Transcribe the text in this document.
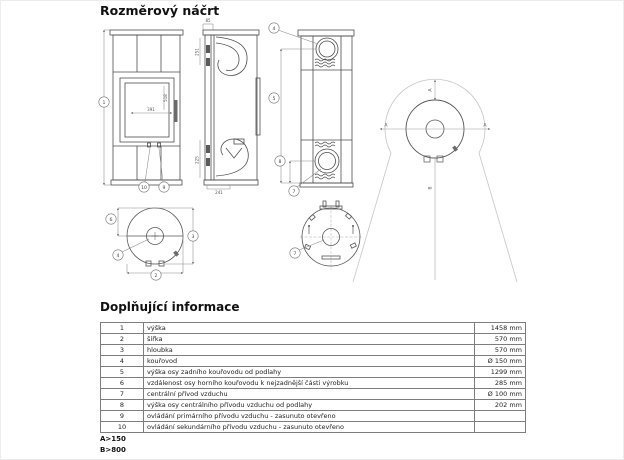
Rozměrový náčrt
518
391
1
10	9
85
251
225
241
4
5
8
7
A	A
A
B
6
3
2
4	7
Doplňující informace
1	výška	1458 mm
2	šířka	570 mm
3	hloubka	570 mm
4	kouřovod	Ø 150 mm
5	výška osy zadního kouřovodu od podlahy	1299 mm
6	vzdálenost osy horního kouřovodu k nejzadnější části výrobku	285 mm
7	centrální přívod vzduchu	Ø 100 mm
8	výška osy centrálního přívodu vzduchu od podlahy	202 mm
9	ovládání primárního přívodu vzduchu - zasunuto otevřeno	
10	ovládání sekundárního přívodu vzduchu - zasunuto otevřeno	
A>150
B>800
